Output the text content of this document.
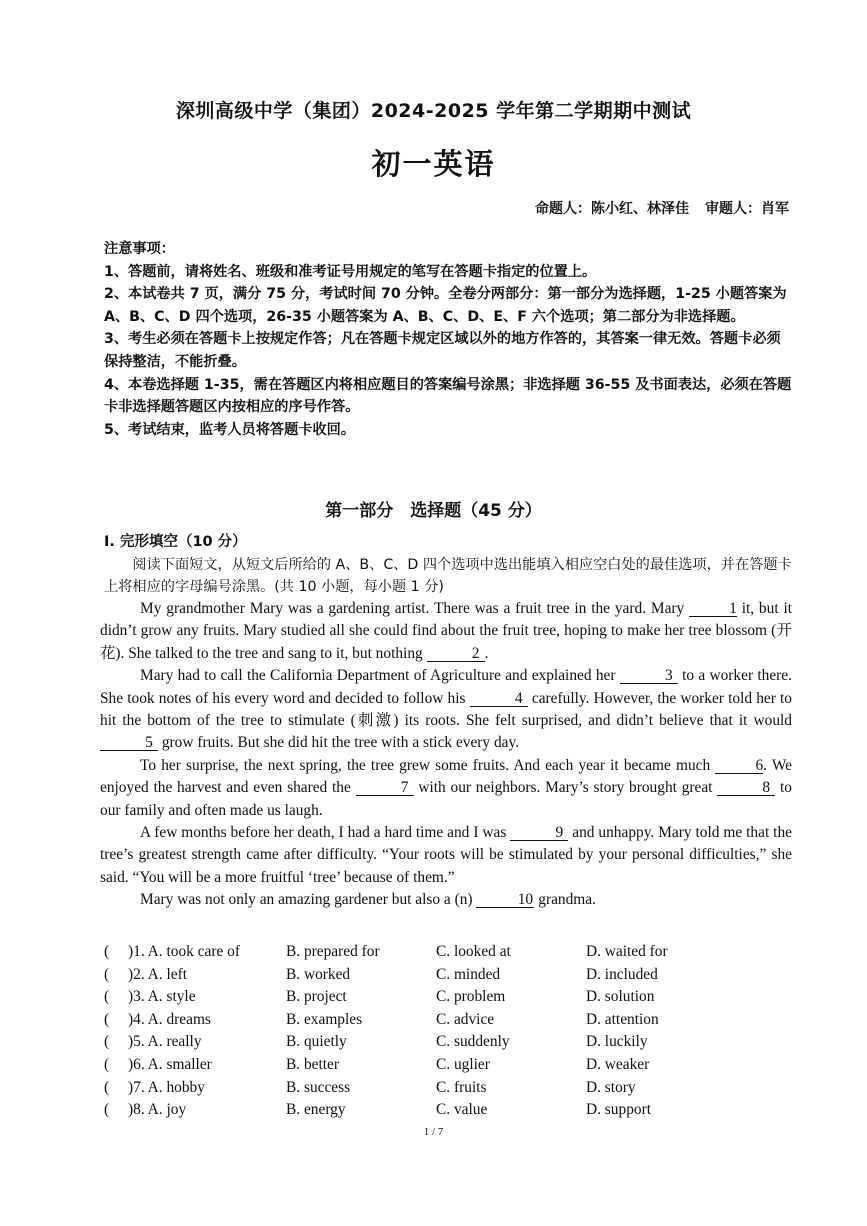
深圳高级中学（集团）2024-2025 学年第二学期期中测试
初一英语
命题人：陈小红、林泽佳 审题人：肖军

注意事项：

1、答题前，请将姓名、班级和准考证号用规定的笔写在答题卡指定的位置上。

2、本试卷共 7 页，满分 75 分，考试时间 70 分钟。全卷分两部分：第一部分为选择题，1-25 小题答案为 A、B、C、D 四个选项，26-35 小题答案为 A、B、C、D、E、F 六个选项；第二部分为非选择题。

3、考生必须在答题卡上按规定作答；凡在答题卡规定区域以外的地方作答的，其答案一律无效。答题卡必须保持整洁，不能折叠。

4、本卷选择题 1-35，需在答题区内将相应题目的答案编号涂黑；非选择题 36-55 及书面表达，必须在答题卡非选择题答题区内按相应的序号作答。

5、考试结束，监考人员将答题卡收回。

第一部分　选择题（45 分）
I. 完形填空（10 分）

阅读下面短文，从短文后所给的 A、B、C、D 四个选项中选出能填入相应空白处的最佳选项，并在答题卡上将相应的字母编号涂黑。(共 10 小题，每小题 1 分)

My grandmother Mary was a gardening artist. There was a fruit tree in the yard. Mary	1 it, but it didn’t grow any fruits. Mary studied all she could find about the fruit tree, hoping to make her tree blossom (开花). She talked to the tree and sang to it, but nothing	2 .

Mary had to call the California Department of Agriculture and explained her	3 to a worker there. She took notes of his every word and decided to follow his	4 carefully. However, the worker told her to hit the bottom of the tree to stimulate (刺激) its roots. She felt surprised, and didn’t believe that it would 5 grow fruits. But she did hit the tree with a stick every day.

To her surprise, the next spring, the tree grew some fruits. And each year it became much	6. We enjoyed the harvest and even shared the	7 with our neighbors. Mary’s story brought great	8 to our family and often made us laugh.

A few months before her death, I had a hard time and I was	9 and unhappy. Mary told me that the tree’s greatest strength came after difficulty. “Your roots will be stimulated by your personal difficulties,” she said. “You will be a more fruitful ‘tree’ because of them.”

Mary was not only an amazing gardener but also a (n)	10 grandma.

( )1. A. took care of	B. prepared for	C. looked at	D. waited for
( )2. A. left	B. worked	C. minded	D. included
( )3. A. style	B. project	C. problem	D. solution
( )4. A. dreams	B. examples	C. advice	D. attention
( )5. A. really	B. quietly	C. suddenly	D. luckily
( )6. A. smaller	B. better	C. uglier	D. weaker
( )7. A. hobby	B. success	C. fruits	D. story
( )8. A. joy	B. energy	C. value	D. support
1 / 7
